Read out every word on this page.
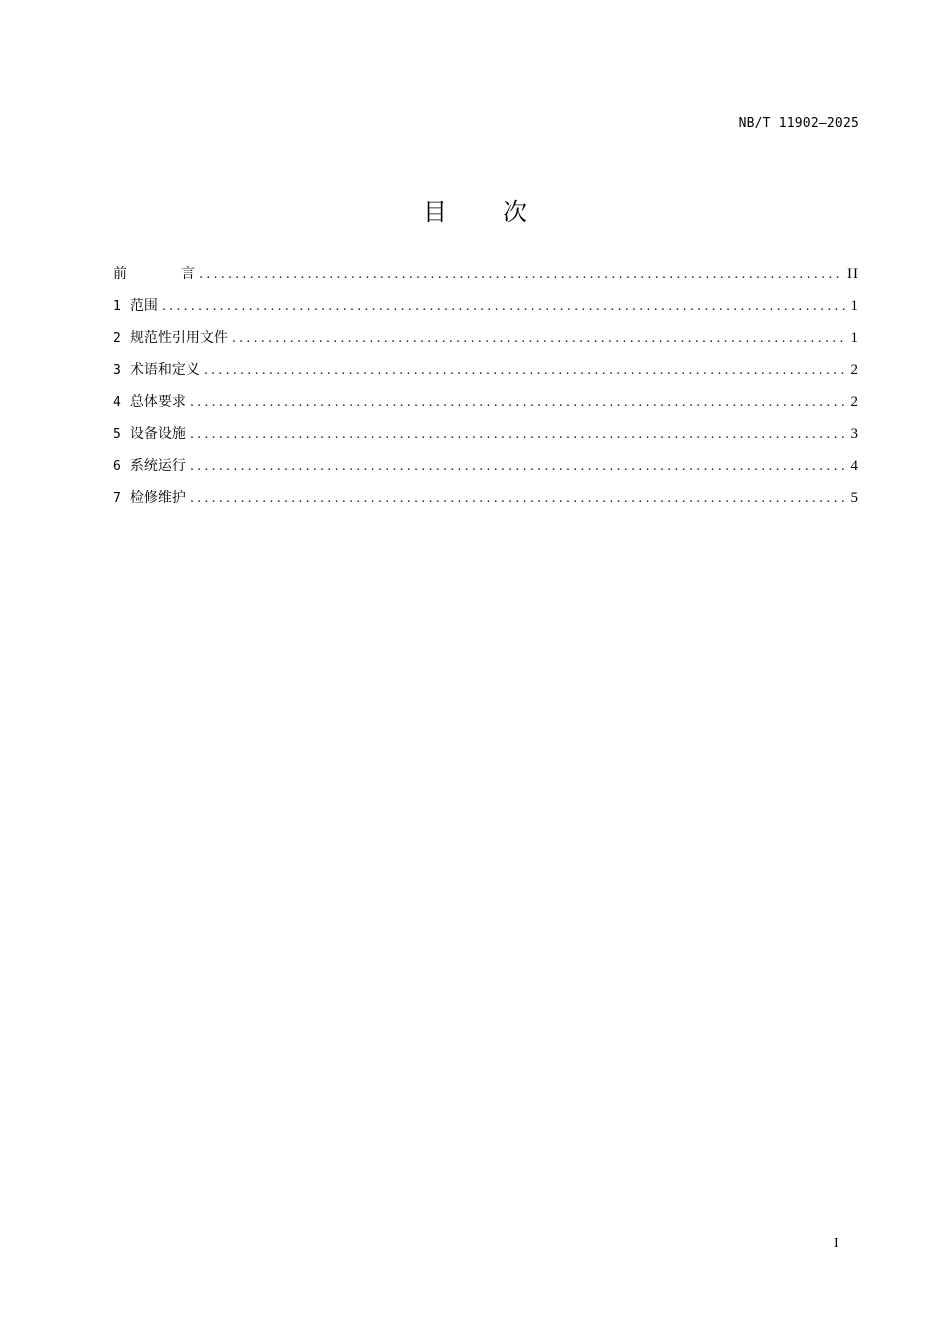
NB/T 11902—2025
目 次
前	言 .....	II
1 范围 .....	1
2 规范性引用文件 .....	1
3 术语和定义 .....	2
4 总体要求 .....	2
5 设备设施 .....	3
6 系统运行 .....	4
7 检修维护 .....	5
I
